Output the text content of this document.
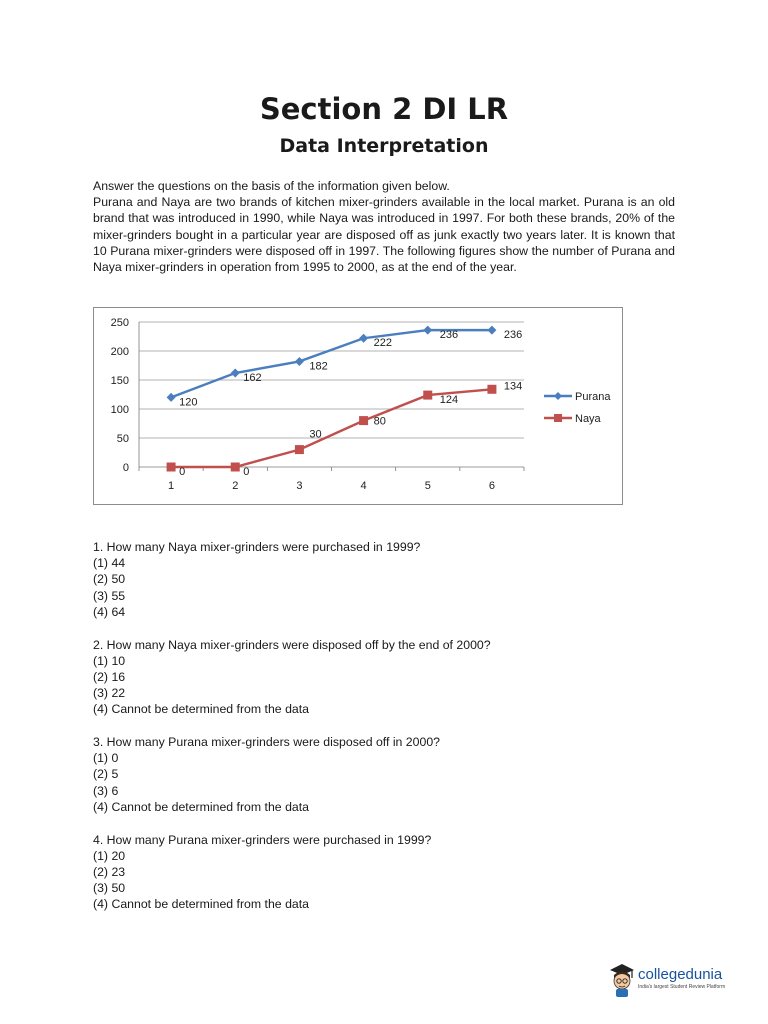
Section 2 DI LR
Data Interpretation

Answer the questions on the basis of the information given below.

Purana and Naya are two brands of kitchen mixer-grinders available in the local market. Purana is an old brand that was introduced in 1990, while Naya was introduced in 1997. For both these brands, 20% of the mixer-grinders bought in a particular year are disposed off as junk exactly two years later. It is known that 10 Purana mixer-grinders were disposed off in 1997. The following figures show the number of Purana and Naya mixer-grinders in operation from 1995 to 2000, as at the end of the year.

0
50
100
150
200
250
1	2	3	4	5	6
120
162
182
222
236	236
0	0
30
80
124
134
Purana
Naya
1. How many Naya mixer-grinders were purchased in 1999?
(1) 44
(2) 50
(3) 55
(4) 64
2. How many Naya mixer-grinders were disposed off by the end of 2000?
(1) 10
(2) 16
(3) 22
(4) Cannot be determined from the data
3. How many Purana mixer-grinders were disposed off in 2000?
(1) 0
(2) 5
(3) 6
(4) Cannot be determined from the data
4. How many Purana mixer-grinders were purchased in 1999?
(1) 20
(2) 23
(3) 50
(4) Cannot be determined from the data
collegedunia
India's largest Student Review Platform
